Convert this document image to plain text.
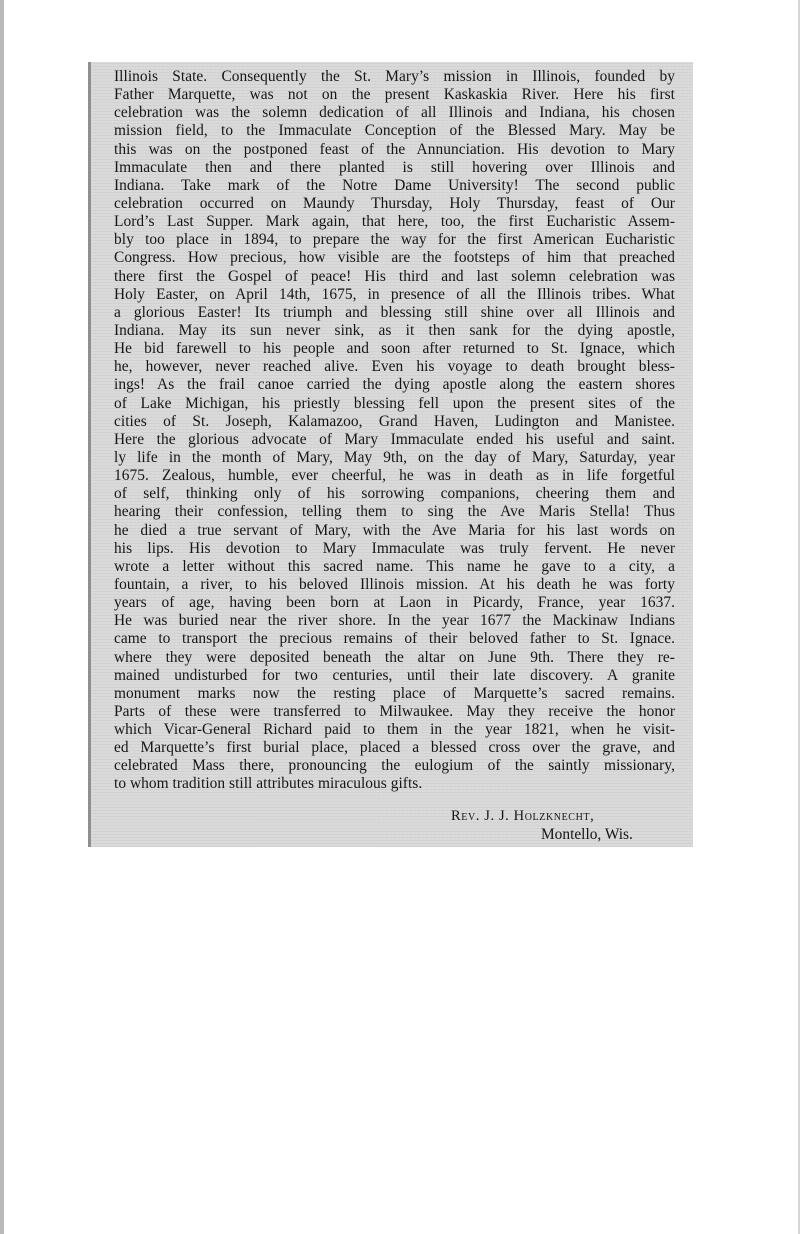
Illinois State. Consequently the St. Mary’s mission in Illinois, founded by
Father Marquette, was not on the present Kaskaskia River. Here his first
celebration was the solemn dedication of all Illinois and Indiana, his chosen
mission field, to the Immaculate Conception of the Blessed Mary. May be
this was on the postponed feast of the Annunciation. His devotion to Mary
Immaculate then and there planted is still hovering over Illinois and
Indiana. Take mark of the Notre Dame University! The second public
celebration occurred on Maundy Thursday, Holy Thursday, feast of Our
Lord’s Last Supper. Mark again, that here, too, the first Eucharistic Assem-
bly too place in 1894, to prepare the way for the first American Eucharistic
Congress. How precious, how visible are the footsteps of him that preached
there first the Gospel of peace! His third and last solemn celebration was
Holy Easter, on April 14th, 1675, in presence of all the Illinois tribes. What
a glorious Easter! Its triumph and blessing still shine over all Illinois and
Indiana. May its sun never sink, as it then sank for the dying apostle,
He bid farewell to his people and soon after returned to St. Ignace, which
he, however, never reached alive. Even his voyage to death brought bless-
ings! As the frail canoe carried the dying apostle along the eastern shores
of Lake Michigan, his priestly blessing fell upon the present sites of the
cities of St. Joseph, Kalamazoo, Grand Haven, Ludington and Manistee.
Here the glorious advocate of Mary Immaculate ended his useful and saint.
ly life in the month of Mary, May 9th, on the day of Mary, Saturday, year
1675. Zealous, humble, ever cheerful, he was in death as in life forgetful
of self, thinking only of his sorrowing companions, cheering them and
hearing their confession, telling them to sing the Ave Maris Stella! Thus
he died a true servant of Mary, with the Ave Maria for his last words on
his lips. His devotion to Mary Immaculate was truly fervent. He never
wrote a letter without this sacred name. This name he gave to a city, a
fountain, a river, to his beloved Illinois mission. At his death he was forty
years of age, having been born at Laon in Picardy, France, year 1637.
He was buried near the river shore. In the year 1677 the Mackinaw Indians
came to transport the precious remains of their beloved father to St. Ignace.
where they were deposited beneath the altar on June 9th. There they re-
mained undisturbed for two centuries, until their late discovery. A granite
monument marks now the resting place of Marquette’s sacred remains.
Parts of these were transferred to Milwaukee. May they receive the honor
which Vicar-General Richard paid to them in the year 1821, when he visit-
ed Marquette’s first burial place, placed a blessed cross over the grave, and
celebrated Mass there, pronouncing the eulogium of the saintly missionary,
to whom tradition still attributes miraculous gifts.
Rev. J. J. Holzknecht,
Montello, Wis.
